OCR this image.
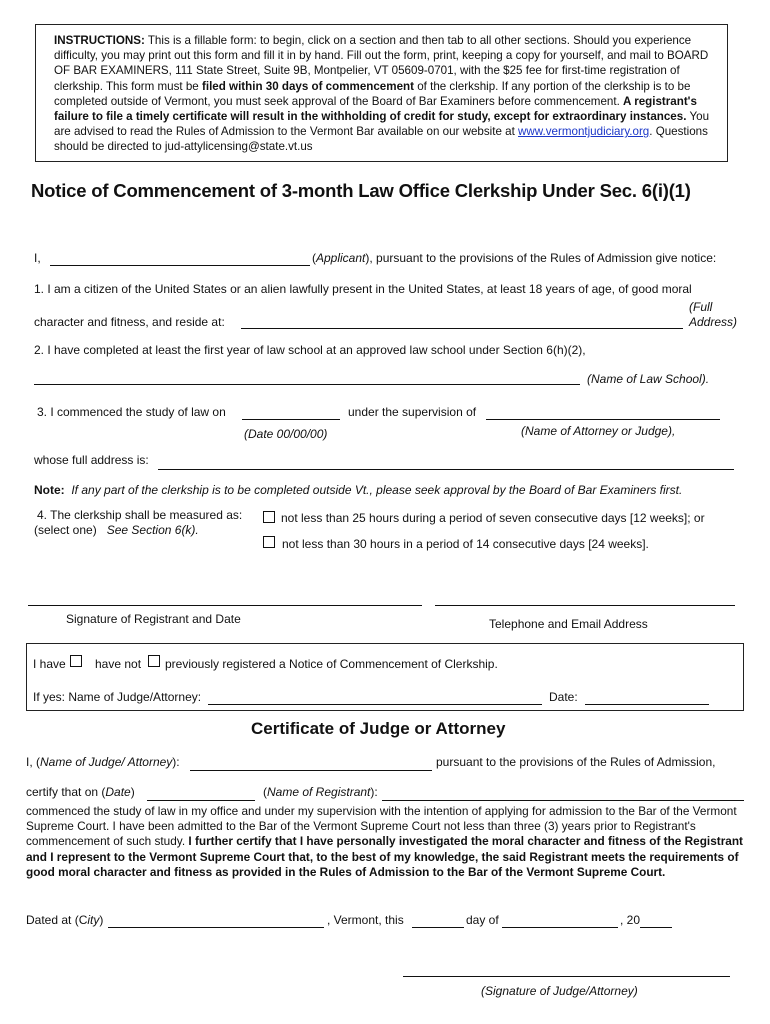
INSTRUCTIONS: This is a fillable form: to begin, click on a section and then tab to all other sections. Should you experience difficulty, you may print out this form and fill it in by hand. Fill out the form, print, keeping a copy for yourself, and mail to BOARD OF BAR EXAMINERS, 111 State Street, Suite 9B, Montpelier, VT 05609-0701, with the $25 fee for first-time registration of clerkship. This form must be filed within 30 days of commencement of the clerkship. If any portion of the clerkship is to be completed outside of Vermont, you must seek approval of the Board of Bar Examiners before commencement. A registrant's failure to file a timely certificate will result in the withholding of credit for study, except for extraordinary instances. You are advised to read the Rules of Admission to the Vermont Bar available on our website at www.vermontjudiciary.org. Questions should be directed to jud-attylicensing@state.vt.us
Notice of Commencement of 3-month Law Office Clerkship Under Sec. 6(i)(1)
I,	(Applicant), pursuant to the provisions of the Rules of Admission give notice:
1. I am a citizen of the United States or an alien lawfully present in the United States, at least 18 years of age, of good moral
(Full
character and fitness, and reside at:	Address)
2. I have completed at least the first year of law school at an approved law school under Section 6(h)(2),
(Name of Law School).
3. I commenced the study of law on	under the supervision of
(Date 00/00/00)	(Name of Attorney or Judge),
whose full address is:
Note: If any part of the clerkship is to be completed outside Vt., please seek approval by the Board of Bar Examiners first.
4. The clerkship shall be measured as:
(select one) See Section 6(k).
not less than 25 hours during a period of seven consecutive days [12 weeks]; or
not less than 30 hours in a period of 14 consecutive days [24 weeks].
Signature of Registrant and Date	Telephone and Email Address
I have have not previously registered a Notice of Commencement of Clerkship.
If yes: Name of Judge/Attorney:	Date:
Certificate of Judge or Attorney
I, (Name of Judge/ Attorney):	pursuant to the provisions of the Rules of Admission,
certify that on (Date)	(Name of Registrant):
commenced the study of law in my office and under my supervision with the intention of applying for admission to the Bar of the Vermont Supreme Court. I have been admitted to the Bar of the Vermont Supreme Court not less than three (3) years prior to Registrant's commencement of such study. I further certify that I have personally investigated the moral character and fitness of the Registrant and I represent to the Vermont Supreme Court that, to the best of my knowledge, the said Registrant meets the requirements of good moral character and fitness as provided in the Rules of Admission to the Bar of the Vermont Supreme Court.
Dated at (City)	, Vermont, this	day of	, 20
(Signature of Judge/Attorney)
